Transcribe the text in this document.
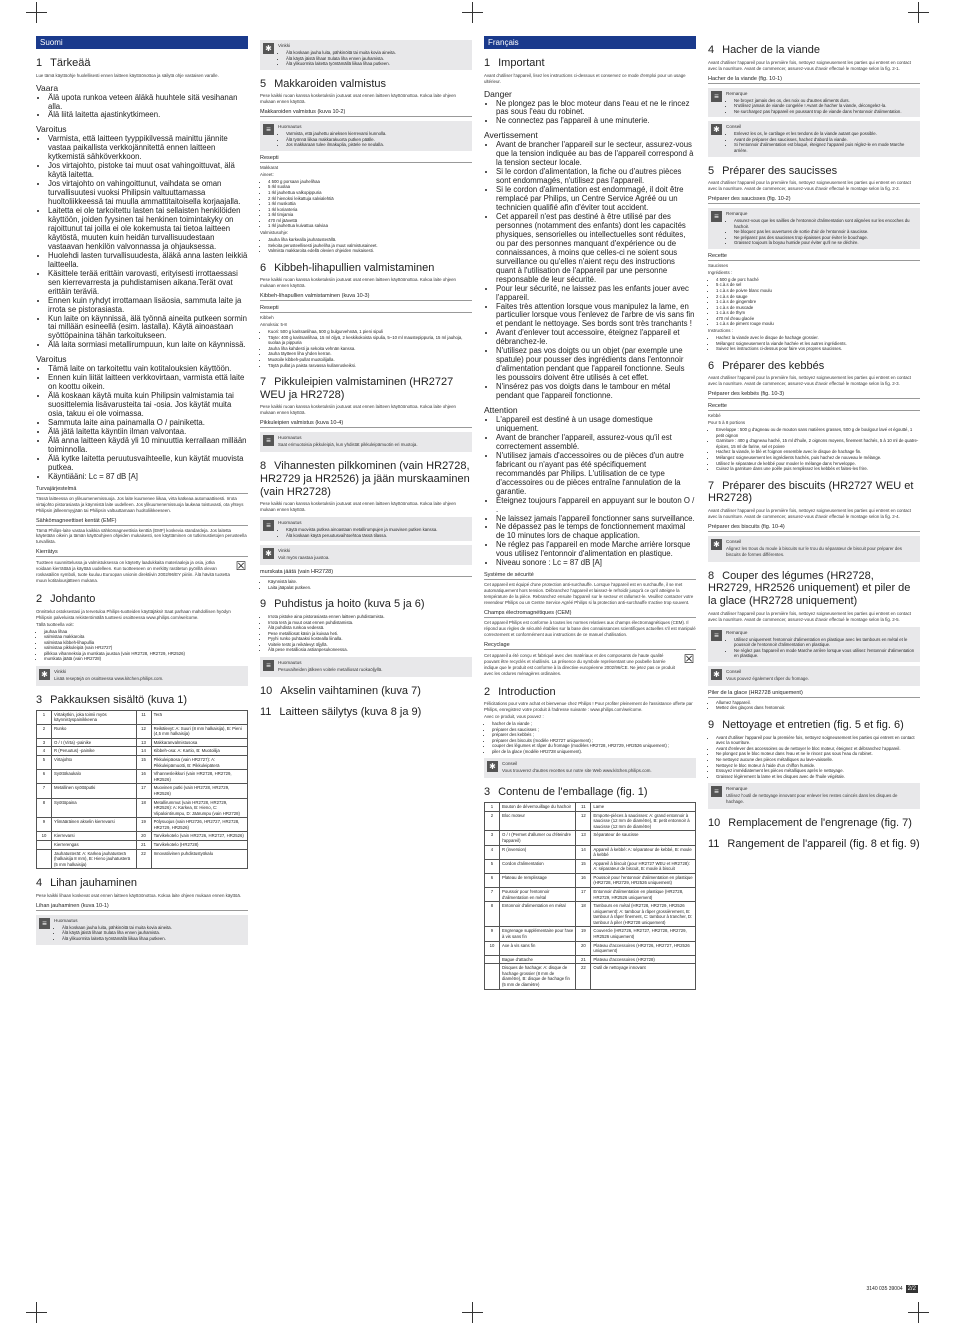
Suomi
1 Tärkeää

Lue tämä käyttöohje huolellisesti ennen laitteen käyttöönottoa ja säilytä ohje vastaisen varalle.

Vaara
• Älä upota runkoa veteen äläkä huuhtele sitä vesihanan alla.
• Älä liitä laitetta ajastinkytkimeen.
Varoitus
• Varmista, että laitteen tyyppikilvessä mainittu jännite vastaa paikallista verkkojännitettä ennen laitteen kytkemistä sähköverkkoon.
• Jos virtajohto, pistoke tai muut osat vahingoittuvat, älä käytä laitetta.
• Jos virtajohto on vahingoittunut, vaihdata se oman turvallisuutesi vuoksi Philipsin valtuuttamassa huoltoliikkeessä tai muulla ammattitaitoisella korjaajalla.
• Laitetta ei ole tarkoitettu lasten tai sellaisten henkilöiden käyttöön, joiden fyysinen tai henkinen toimintakyky on rajoittunut tai joilla ei ole kokemusta tai tietoa laitteen käytöstä, muuten kuin heidän turvallisuudestaan vastaavan henkilön valvonnassa ja ohjauksessa.
• Huolehdi lasten turvallisuudesta, äläkä anna lasten leikkiä laitteella.
• Käsittele terää erittäin varovasti, erityisesti irrottaessasi sen kierrevarresta ja puhdistamisen aikana.Terät ovat erittäin teräviä.
• Ennen kuin ryhdyt irrottamaan lisäosia, sammuta laite ja irrota se pistorasiasta.
• Kun laite on käynnissä, älä työnnä aineita putkeen sormin tai millään esineellä (esim. lastalla). Käytä ainoastaan syöttöpainina tähän tarkoitukseen.
• Älä laita sormiasi metallirumpuun, kun laite on käynnissä.
Varoitus
• Tämä laite on tarkoitettu vain kotitalouksien käyttöön.
• Ennen kuin liität laitteen verkkovirtaan, varmista että laite on koottu oikein.
• Älä koskaan käytä muita kuin Philipsin valmistamia tai suosittelemia lisävarusteita tai -osia. Jos käytät muita osia, takuu ei ole voimassa.
• Sammuta laite aina painamalla O / painiketta.
• Älä jätä laitetta käyntiin ilman valvontaa.
• Älä anna laitteen käydä yli 10 minuuttia kerrallaan millään toiminnolla.
• Älä kytke laitetta peruutusvaihteelle, kun käytät muovista putkea.
• Käyntiääni: Lc = 87 dB [A]
Turvajärjestelmä

Tässä laitteessa on ylikuumenemissuoja. Jos laite kuumenee liikaa, virta katkeaa automaattisesti. Irrota virtajohto pistorasiasta ja käynnistä laite uudelleen. Jos ylikuumenemissuoja laukeaa toistuvasti, ota yhteys Philipsin jälleenmyyjään tai Philipsin valtuuttamaan huoltoliikkeeseen.

Sähkömagneettiset kentät (EMF)

Tämä Philips-laite vastaa kaikkia sähkömagneettisia kenttiä (EMF) koskevia standardeja. Jos laitetta käytetään oikein ja tämän käyttöohjeen ohjeiden mukaisesti, sen käyttäminen on tutkimustietojen perusteella turvallista.

Kierrätys

Tuotteen suunnittelussa ja valmistuksessa on käytetty laadukkaita materiaaleja ja osia, jotka voidaan kierrättää ja käyttää uudelleen. Kun tuotteeseen on merkitty rastitetun pyörillä olevan roskasäiliön symboli, tuote kuuluu Euroopan unionin direktiivin 2002/96/EY piiriin. Älä hävitä tuotetta muun kotitalousjätteen mukana.

☒
2 Johdanto

Onnittelut ostoksestasi ja tervetuloa Philips-tuotteiden käyttäjäksi! Saat parhaan mahdollisen hyödyn Philipsin palveluista rekisteröimällä tuotteesi osoitteessa www.philips.com/welcome.

Tällä tuotteella voit:

• jauhaa lihaa
• valmistaa makkaroita
• valmistaa kibbeh-lihapullia
• valmistaa pikkuleipiä (vain HR2727)
• pilkkoa vihanneksia ja murskata juustoa (vain HR2728, HR2729, HR2526)
• murskata jäätä (vain HR2728)
✱	Vinkki

Lisää reseptejä on osoitteessa www.kitchen.philips.com.

3 Pakkauksen sisältö (kuva 1)
1	Virtakytkin, joka toimii myös käynnistyspainikkeena	11	Terä
2	Runko	12	Reikälevyt: A: Suuri (8 mm halkaisija), B: Pieni (4,5 mm halkaisija)
3	O / I (Virta) -painike	13	Makkaranvalmistusosa
4	R (Peruutus) -painike	14	Kibbeh-osa: A: Kartio, B: Muotoilija
5	Virtajohto	15	Pikkuleipäosa (vain HR2727): A: Pikkuleipämuotti, B: Pikkuleipäterä
6	Syöttökaukalo	16	Vihannesleikkuri (vain HR2728, HR2729, HR2526)
7	Metallinen syöttöputki	17	Muovinen putki (vain HR2728, HR2729, HR2526)
8	Syöttöpaina	18	Metallirummut (vain HR2728, HR2729, HR2526): A: Karkea, B: Hieno, C: Viipalointirumpu, D: Jäärumpu (vain HR2728)
9	Ylimääräinen akselin kierrevarsi	19	Pölysuojus (vain HR2726, HR2727, HR2728, HR2729, HR2526)
10	Kierrevarsi	20	Tarvikekotelo (vain HR2726, HR2727, HR2526)
	Kierrerengas	21	Tarvikekotelo (HR2728)
	Jauhatusterät: A: Karkea jauhatusterä (halkaisija 8 mm), B: Hieno jauhatusterä (5 mm halkaisija)	22	Innovatiivinen puhdistustyökalu
4 Lihan jauhaminen

Pese kaikki lihaan koskevat osat ennen laitteen käyttöönottoa. Kokoa laite ohjeen mukaan ennen käyttöä.

Lihan jauhaminen (kuva 10-1)
≡	Huomautus
• Älä koskaan jauha luita, pähkinöitä tai muita kovia aineita.
• Älä käytä jäistä lihaa! Sulata liha ennen jauhamista.
• Älä ylikuormita laitetta työntämällä liikaa lihaa putkeen.
✱	Vinkki
• Älä koskaan jauha luita, pähkinöitä tai muita kovia aineita.
• Älä käytä jäistä lihaa! Sulata liha ennen jauhamista.
• Älä ylikuormita laitetta työntämällä liikaa lihaa putkeen.
5 Makkaroiden valmistus

Pese kaikki ruoan kanssa kosketuksiin joutuvat osat ennen laitteen käyttöönottoa. Kokoa laite ohjeen mukaan ennen käyttöä.

Makkaroiden valmistus (kuva 10-2)
≡	Huomautus
• Varmista, että jauhettu aineksen kierrevarsi kunnolla.
• Älä työnnä liikaa makkarakuorta putken päälle.
• Jos makkaraan tulee ilmakuplia, pistele ne neulalla.
Resepti

Makkarat

Aineet:

• 4 500 g porsaan jauhelihaa
• 5 rkl suolaa
• 1 rkl jauhettua valkopippuria
• 2 rkl hienoksi leikattuja salvialehtiä
• 1 rkl muskottia
• 1 rkl korianteria
• 1 rkl timjamia
• 470 ml jäävettä
• 1 rkl jauhettua kuivattua salviaa

Valmistusohje:

• Jauha liha karkealla jauhatusterällä.
• Sekoita perusteellisesti jauheliha ja muut valmistusaineet.
• Valmista makkaroita edellä olevien ohjeiden mukaisesti.
6 Kibbeh-lihapullien valmistaminen

Pese kaikki ruoan kanssa kosketuksiin joutuvat osat ennen laitteen käyttöönottoa. Kokoa laite ohjeen mukaan ennen käyttöä.

Kibbeh-lihapullien valmistaminen (kuva 10-3)
Resepti

Kibbeh

Annoksia: 5-8

• Kuori: 500 g karitsanlihaa, 500 g bulgurvehnää, 1 pieni sipuli
• Täyte: 400 g karitsanlihaa, 15 ml öljyä, 2 keskikokoista sipulia, 5–10 ml maustepippuria, 15 ml jauhoja, suolaa ja pippuria
• Jauha liha kahdesti ja sekoita vehnän kanssa.
• Jauha täytteen liha yhden kerran.
• Muotoile kibbeh-pullat muotoilijalla.
• Täytä pullat ja paista rasvassa kullanruskeiksi.
7 Pikkuleipien valmistaminen (HR2727 WEU ja HR2728)

Pese kaikki ruoan kanssa kosketuksiin joutuvat osat ennen laitteen käyttöönottoa. Kokoa laite ohjeen mukaan ennen käyttöä.

Pikkuleipien valmistus (kuva 10-4)
≡	Huomautus

Saat erimuotoisia pikkuleipiä, kun yhdistät pikkuleipämuotin eri muotoja.

8 Vihannesten pilkkominen (vain HR2728, HR2729 ja HR2526) ja jään murskaaminen (vain HR2728)

Pese kaikki ruoan kanssa kosketuksiin joutuvat osat ennen laitteen käyttöönottoa. Kokoa laite ohjeen mukaan ennen käyttöä.

≡	Huomautus
• Käytä muovista putkea ainoastaan metallirumpujen ja muovisen putken kanssa.
• Älä koskaan käytä peruutusvaihtoehtoa tässä tilassa.
✱	Vinkki

Voit myös raastaa juustoa.

murskata jäätä (vain HR2728)
• Käynnistä laite.
• Laita jääpalat putkeen.
9 Puhdistus ja hoito (kuva 5 ja 6)
• Irrota pistoke aina pistorasiasta ennen laitteen puhdistamista.
• Irrota terä ja muut osat ennen puhdistamista.
• Älä puhdista runkoa vedessä.
• Pese metalliosat käsin ja kuivaa heti.
• Pyyhi runko puhtaaksi kostealla liinalla.
• Voitele terät ja reikälevyt öljyllä.
• Älä pese metalliosia astianpesukoneessa.
≡	Huomautus

Pesuvaiheiden jälkeen voitele metalliosat ruokaöljyllä.

10 Akselin vaihtaminen (kuva 7)
11 Laitteen säilytys (kuva 8 ja 9)
Français
1 Important

Avant d'utiliser l'appareil, lisez les instructions ci-dessous et conservez ce mode d'emploi pour un usage ultérieur.

Danger
• Ne plongez pas le bloc moteur dans l'eau et ne le rincez pas sous l'eau du robinet.
• Ne connectez pas l'appareil à une minuterie.
Avertissement
• Avant de brancher l'appareil sur le secteur, assurez-vous que la tension indiquée au bas de l'appareil correspond à la tension secteur locale.
• Si le cordon d'alimentation, la fiche ou d'autres pièces sont endommagés, n'utilisez pas l'appareil.
• Si le cordon d'alimentation est endommagé, il doit être remplacé par Philips, un Centre Service Agréé ou un technicien qualifié afin d'éviter tout accident.
• Cet appareil n'est pas destiné à être utilisé par des personnes (notamment des enfants) dont les capacités physiques, sensorielles ou intellectuelles sont réduites, ou par des personnes manquant d'expérience ou de connaissances, à moins que celles-ci ne soient sous surveillance ou qu'elles n'aient reçu des instructions quant à l'utilisation de l'appareil par une personne responsable de leur sécurité.
• Pour leur sécurité, ne laissez pas les enfants jouer avec l'appareil.
• Faites très attention lorsque vous manipulez la lame, en particulier lorsque vous l'enlevez de l'arbre de vis sans fin et pendant le nettoyage. Ses bords sont très tranchants !
• Avant d'enlever tout accessoire, éteignez l'appareil et débranchez-le.
• N'utilisez pas vos doigts ou un objet (par exemple une spatule) pour pousser des ingrédients dans l'entonnoir d'alimentation pendant que l'appareil fonctionne. Seuls les poussoirs doivent être utilisés à cet effet.
• N'insérez pas vos doigts dans le tambour en métal pendant que l'appareil fonctionne.
Attention
• L'appareil est destiné à un usage domestique uniquement.
• Avant de brancher l'appareil, assurez-vous qu'il est correctement assemblé.
• N'utilisez jamais d'accessoires ou de pièces d'un autre fabricant ou n'ayant pas été spécifiquement recommandés par Philips. L'utilisation de ce type d'accessoires ou de pièces entraîne l'annulation de la garantie.
• Éteignez toujours l'appareil en appuyant sur le bouton O / .
• Ne laissez jamais l'appareil fonctionner sans surveillance.
• Ne dépassez pas le temps de fonctionnement maximal de 10 minutes lors de chaque application.
• Ne réglez pas l'appareil en mode Marche arrière lorsque vous utilisez l'entonnoir d'alimentation en plastique.
• Niveau sonore : Lc = 87 dB [A]
Système de sécurité

Cet appareil est équipé d'une protection anti-surchauffe. Lorsque l'appareil est en surchauffe, il se met automatiquement hors tension. Débranchez l'appareil et laissez-le refroidir jusqu'à ce qu'il atteigne la température de la pièce. Rebranchez ensuite l'appareil sur le secteur et rallumez-le. Veuillez contacter votre revendeur Philips ou un Centre Service Agréé Philips si la protection anti-surchauffe s'active trop souvent.

Champs électromagnétiques (CEM)

Cet appareil Philips est conforme à toutes les normes relatives aux champs électromagnétiques (CEM). Il répond aux règles de sécurité établies sur la base des connaissances scientifiques actuelles s'il est manipulé correctement et conformément aux instructions de ce manuel d'utilisation.

Recyclage

Cet appareil a été conçu et fabriqué avec des matériaux et des composants de haute qualité pouvant être recyclés et réutilisés. La présence du symbole représentant une poubelle barrée indique que le produit est conforme à la directive européenne 2002/96/CE. Ne jetez pas ce produit avec les ordures ménagères ordinaires.

☒
2 Introduction

Félicitations pour votre achat et bienvenue chez Philips ! Pour profiter pleinement de l'assistance offerte par Philips, enregistrez votre produit à l'adresse suivante : www.philips.com/welcome.

Avec ce produit, vous pouvez :

• hacher de la viande ;
• préparer des saucisses ;
• préparer des kebbés ;
• préparer des biscuits (modèle HR2727 uniquement) ;
• couper des légumes et râper du fromage (modèles HR2728, HR2729, HR2526 uniquement) ;
• piler de la glace (modèle HR2728 uniquement).
✱	Conseil

Vous trouverez d'autres recettes sur notre site Web www.kitchen.philips.com.

3 Contenu de l'emballage (fig. 1)
1	Bouton de déverrouillage du hachoir	11	Lame
2	Bloc moteur	12	Emporte-pièces à saucisses: A: grand entonnoir à saucisse (12 mm de diamètre), B: petit entonnoir à saucisse (12 mm de diamètre)
3	O / I (Permet d'allumer ou d'éteindre l'appareil)	13	Séparateur de saucisse
4	R (inversion)	14	Appareil à kebbé: A: séparateur de kebbé, B: moule à kebbé
5	Cordon d'alimentation	15	Appareil à biscuit (pour HR2727 WEU et HR2728): A: séparateur de biscuit, B: moule à biscuit
6	Plateau de remplissage	16	Poussoir pour l'entonnoir d'alimentation en plastique (HR2728, HR2729, HR2526 uniquement)
7	Poussoir pour l'entonnoir d'alimentation en métal	17	Entonnoir d'alimentation en plastique (HR2728, HR2729, HR2526 uniquement)
8	Entonnoir d'alimentation en métal	18	Tambours en métal (HR2728, HR2729, HR2526 uniquement): A: tambour à râper grossièrement, B: tambour à râper finement, C: tambour à trancher, D: tambour à piler (HR2728 uniquement)
9	Engrenage supplémentaire pour l'axe à vis sans fin	19	Couvercle (HR2726, HR2727, HR2728, HR2729, HR2526 uniquement)
10	Axe à vis sans fin	20	Plateau d'accessoires (HR2726, HR2727, HR2526 uniquement)
	Bague d'attache	21	Plateau d'accessoires (HR2728)
	Disques de hachage: A: disque de hachage grossier (8 mm de diamètre), B: disque de hachage fin (5 mm de diamètre)	22	Outil de nettoyage innovant
4 Hacher de la viande

Avant d'utiliser l'appareil pour la première fois, nettoyez soigneusement les parties qui entrent en contact avec la nourriture. Avant de commencer, assurez-vous d'avoir effectué le montage selon la fig. 2-1.

Hacher de la viande (fig. 10-1)
≡	Remarque
• Ne broyez jamais des os, des noix ou d'autres aliments durs.
• N'utilisez jamais de viande congelée ! Avant de hacher la viande, décongelez-la.
• Ne surchargez pas l'appareil en poussant trop de viande dans l'entonnoir d'alimentation.
✱	Conseil
• Enlevez les os, le cartilage et les tendons de la viande autant que possible.
• Avant de préparer des saucisses, hachez d'abord la viande.
• Si l'entonnoir d'alimentation est bloqué, éteignez l'appareil puis réglez-le en mode Marche arrière.
5 Préparer des saucisses

Avant d'utiliser l'appareil pour la première fois, nettoyez soigneusement les parties qui entrent en contact avec la nourriture. Avant de commencer, assurez-vous d'avoir effectué le montage selon la fig. 2-2.

Préparer des saucisses (fig. 10-2)
≡	Remarque
• Assurez-vous que les saillies de l'entonnoir d'alimentation sont alignées sur les encoches du hachoir.
• Ne bloquez pas les ouvertures de sortie d'air de l'entonnoir à saucisse.
• Ne préparez pas des saucisses trop épaisses pour éviter le bouchage.
• Graissez toujours la boyau humide pour éviter qu'il ne se déchire.
Recette

Saucisses

Ingrédients :

• 4 500 g de porc haché
• 5 c.à.s de sel
• 1 c.à.s de poivre blanc moulu
• 2 c.à.s de sauge
• 1 c.à.s de gingembre
• 1 c.à.s de muscade
• 1 c.à.s de thym
• 470 ml d'eau glacée
• 1 c.à.s de piment rouge moulu

Instructions :

• Hachez la viande avec le disque de hachage grossier.
• Mélangez soigneusement la viande hachée et les autres ingrédients.
• Suivez les instructions ci-dessus pour faire vos propres saucisses.
6 Préparer des kebbés

Avant d'utiliser l'appareil pour la première fois, nettoyez soigneusement les parties qui entrent en contact avec la nourriture. Avant de commencer, assurez-vous d'avoir effectué le montage selon la fig. 2-3.

Préparer des kebbés (fig. 10-3)
Recette

Kebbé

Pour 5 à 8 portions

• Enveloppe : 500 g d'agneau ou de mouton sans matières grasses, 500 g de boulgour lavé et égoutté, 1 petit oignon
• Garniture : 400 g d'agneau haché, 15 ml d'huile, 2 oignons moyens, finement hachés, 5 à 10 ml de quatre-épices, 15 ml de farine, sel et poivre
• Hachez la viande, le blé et l'oignon ensemble avec le disque de hachage fin.
• Mélangez soigneusement les ingrédients hachés, puis hachez de nouveau le mélange.
• Utilisez le séparateur de kebbé pour mouler le mélange dans l'enveloppe.
• Cuisez la garniture dans une poêle puis remplissez les kebbés et faites-les frire.
7 Préparer des biscuits (HR2727 WEU et HR2728)

Avant d'utiliser l'appareil pour la première fois, nettoyez soigneusement les parties qui entrent en contact avec la nourriture. Avant de commencer, assurez-vous d'avoir effectué le montage selon la fig. 2-4.

Préparer des biscuits (fig. 10-4)
✱	Conseil

Alignez les trous du moule à biscuits sur le trou du séparateur de biscuit pour préparer des biscuits de formes différentes.

8 Couper des légumes (HR2728, HR2729, HR2526 uniquement) et piler de la glace (HR2728 uniquement)

Avant d'utiliser l'appareil pour la première fois, nettoyez soigneusement les parties qui entrent en contact avec la nourriture. Avant de commencer, assurez-vous d'avoir effectué le montage selon la fig. 2-5.

≡	Remarque
• Utilisez uniquement l'entonnoir d'alimentation en plastique avec les tambours en métal et le poussoir de l'entonnoir d'alimentation en plastique.
• Ne réglez pas l'appareil en mode Marche arrière lorsque vous utilisez l'entonnoir d'alimentation en plastique.
✱	Conseil

Vous pouvez également râper du fromage.

Piler de la glace (HR2728 uniquement)
• Allumez l'appareil.
• Mettez des glaçons dans l'entonnoir.
9 Nettoyage et entretien (fig. 5 et fig. 6)
• Avant d'utiliser l'appareil pour la première fois, nettoyez soigneusement les parties qui entrent en contact avec la nourriture.
• Avant d'enlever des accessoires ou de nettoyer le bloc moteur, éteignez et débranchez l'appareil.
• Ne plongez pas le bloc moteur dans l'eau et ne le rincez pas sous l'eau du robinet.
• Ne nettoyez aucune des pièces métalliques au lave-vaisselle.
• Nettoyez le bloc moteur à l'aide d'un chiffon humide.
• Essuyez immédiatement les pièces métalliques après le nettoyage.
• Graissez légèrement la lame et les disques avec de l'huile végétale.
≡	Remarque

Utilisez l'outil de nettoyage innovant pour enlever les restes coincés dans les disques de hachage.

10 Remplacement de l'engrenage (fig. 7)
11 Rangement de l'appareil (fig. 8 et fig. 9)
3140 035 39004 2/2
